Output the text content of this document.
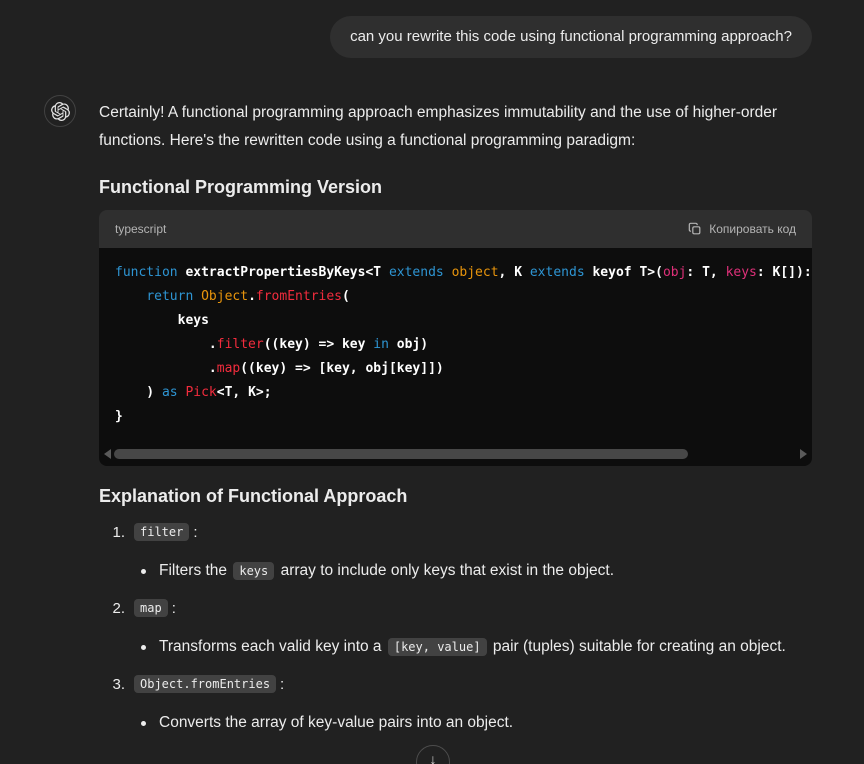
can you rewrite this code using functional programming approach?
Certainly! A functional programming approach emphasizes immutability and the use of higher-order functions. Here's the rewritten code using a functional programming paradigm:
Functional Programming Version
typescript	Копировать код
function extractPropertiesByKeys<T extends object, K extends keyof T>(obj: T, keys: K[]):
return Object.fromEntries(
keys
.filter((key) => key in obj)
.map((key) => [key, obj[key]])
) as Pick<T, K>;
}
Explanation of Functional Approach
1.	filter :
Filters the keys array to include only keys that exist in the object.
2.	map :
Transforms each valid key into a [key, value] pair (tuples) suitable for creating an object.
3.	Object.fromEntries :
Converts the array of key-value pairs into an object.
↓
